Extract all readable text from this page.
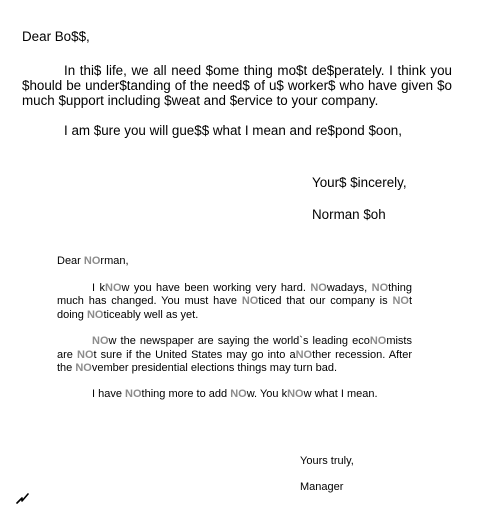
Dear Bo$$,

In thi$ life, we all need $ome thing mo$t de$perately. I think you $hould be under$tanding of the need$ of u$ worker$ who have given $o much $upport including $weat and $ervice to your company.

I am $ure you will gue$$ what I mean and re$pond $oon,

Your$ $incerely,
Norman $oh

Dear NOrman,

I kNOw you have been working very hard. NOwadays, NOthing much has changed. You must have NOticed that our company is NOt doing NOticeably well as yet.

NOw the newspaper are saying the world`s leading ecoNOmists are NOt sure if the United States may go into aNOther recession. After the NOvember presidential elections things may turn bad.

I have NOthing more to add NOw. You kNOw what I mean.

Yours truly,
Manager
